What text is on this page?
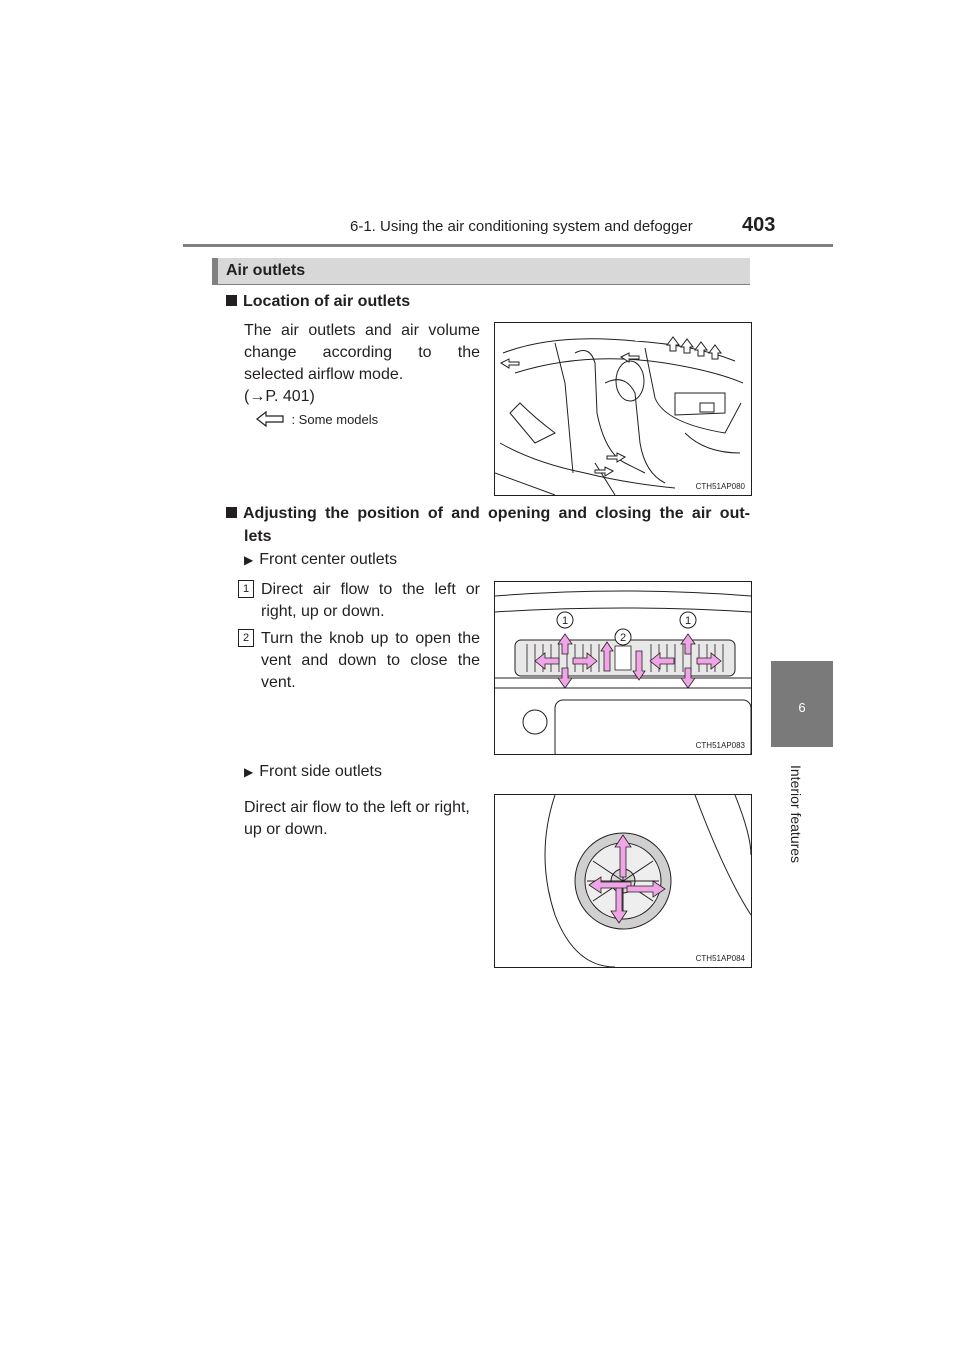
6-1. Using the air conditioning system and defogger 403
6
Interior features
Air outlets
Location of air outlets
The air outlets and air volume
change according to the
selected airflow mode.
(→P. 401)
: Some models
CTH51AP080
Adjusting the position of and opening and closing the air out-
lets
▶ Front center outlets
1 Direct air flow to the left or
right, up or down.
2 Turn the knob up to open the
vent and down to close the
vent.
1	1
2
CTH51AP083
▶ Front side outlets
Direct air flow to the left or right,
up or down.
CTH51AP084
